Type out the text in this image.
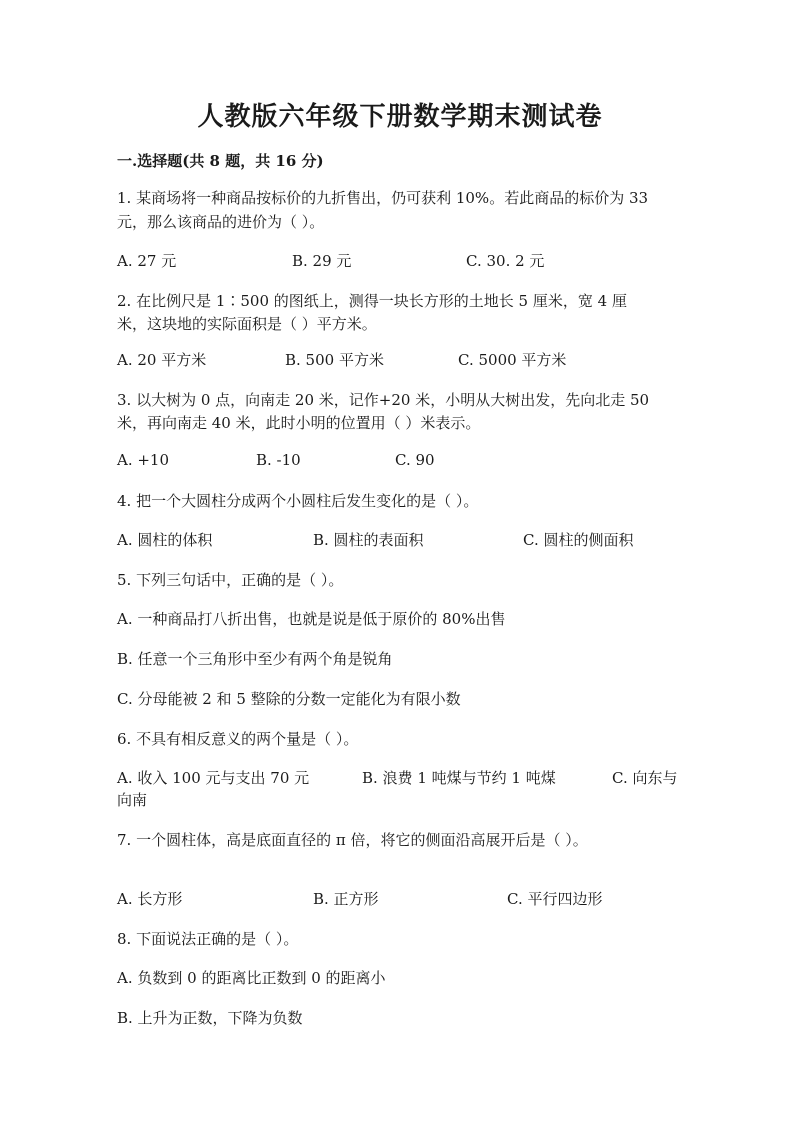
人教版六年级下册数学期末测试卷
一.选择题(共 8 题，共 16 分)
1. 某商场将一种商品按标价的九折售出，仍可获利 10%。若此商品的标价为 33
元，那么该商品的进价为（ ）。
A. 27 元	B. 29 元	C. 30. 2 元
2. 在比例尺是 1∶500 的图纸上，测得一块长方形的土地长 5 厘米，宽 4 厘
米，这块地的实际面积是（ ）平方米。
A. 20 平方米	B. 500 平方米	C. 5000 平方米
3. 以大树为 0 点，向南走 20 米，记作+20 米，小明从大树出发，先向北走 50
米，再向南走 40 米，此时小明的位置用（ ）米表示。
A. +10	B. -10	C. 90
4. 把一个大圆柱分成两个小圆柱后发生变化的是（ ）。
A. 圆柱的体积	B. 圆柱的表面积	C. 圆柱的侧面积
5. 下列三句话中，正确的是（ ）。
A. 一种商品打八折出售，也就是说是低于原价的 80%出售
B. 任意一个三角形中至少有两个角是锐角
C. 分母能被 2 和 5 整除的分数一定能化为有限小数
6. 不具有相反意义的两个量是（ ）。
A. 收入 100 元与支出 70 元	B. 浪费 1 吨煤与节约 1 吨煤	C. 向东与
向南
7. 一个圆柱体，高是底面直径的 π 倍，将它的侧面沿高展开后是（ ）。
A. 长方形	B. 正方形	C. 平行四边形
8. 下面说法正确的是（ ）。
A. 负数到 0 的距离比正数到 0 的距离小
B. 上升为正数，下降为负数
